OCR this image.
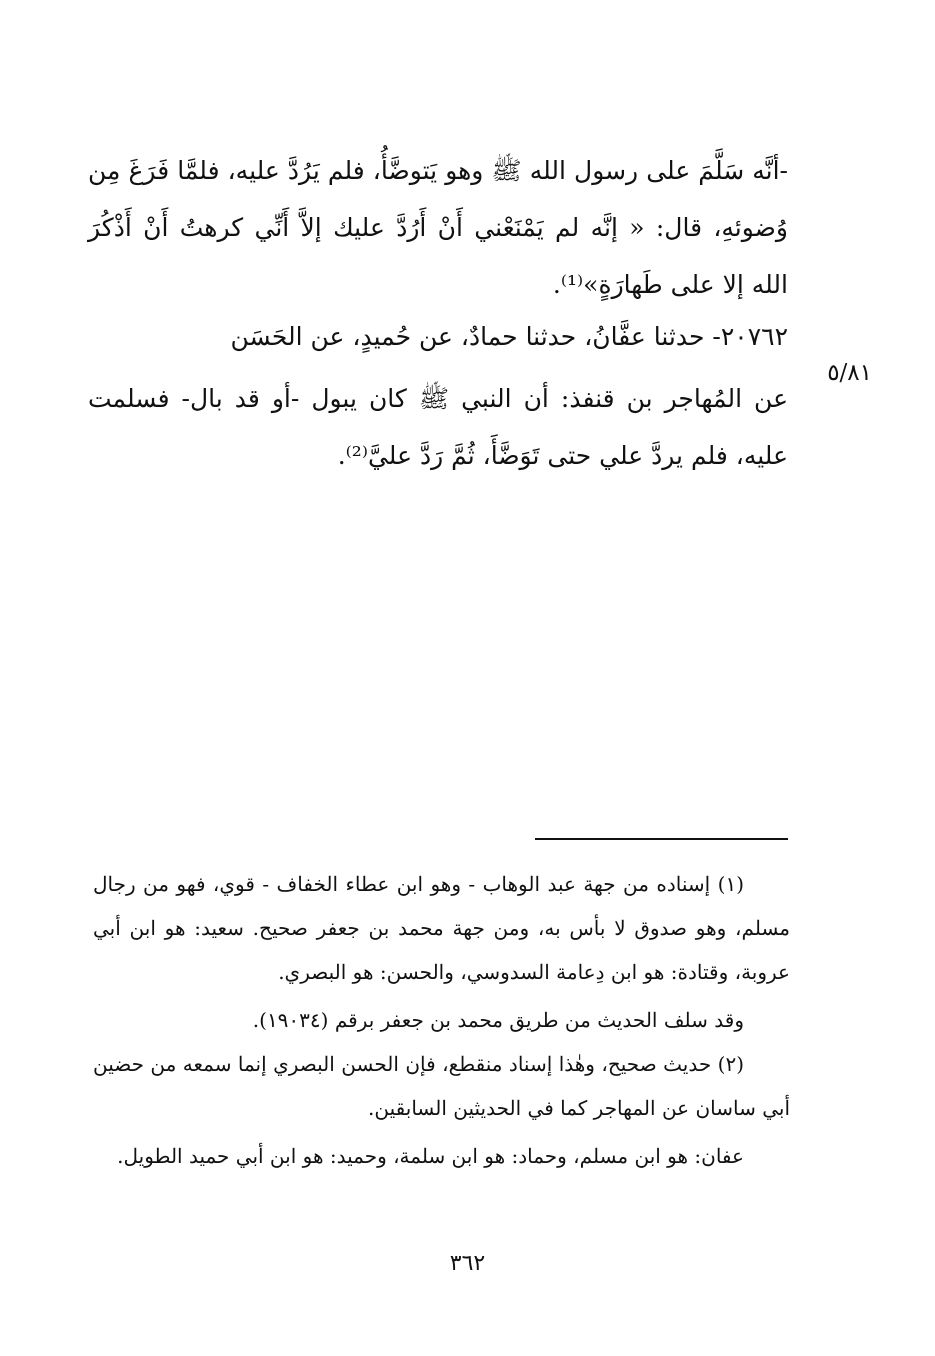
-أنَّه سَلَّمَ على رسول الله ﷺ وهو يَتوضَّأُ، فلم يَرُدَّ عليه، فلمَّا فَرَغَ مِن وُضوئهِ، قال: « إنَّه لم يَمْنَعْني أَنْ أَرُدَّ عليك إلاَّ أَنِّي كرهتُ أَنْ أَذْكُرَ الله إلا على طَهارَةٍ»⁽¹⁾.

٢٠٧٦٢- حدثنا عفَّانُ، حدثنا حمادٌ، عن حُميدٍ، عن الحَسَن

٥/٨١

عن المُهاجر بن قنفذ: أن النبي ﷺ كان يبول -أو قد بال- فسلمت عليه، فلم يردَّ علي حتى تَوَضَّأَ، ثُمَّ رَدَّ عليَّ⁽²⁾.

(١) إسناده من جهة عبد الوهاب - وهو ابن عطاء الخفاف - قوي، فهو من رجال مسلم، وهو صدوق لا بأس به، ومن جهة محمد بن جعفر صحيح. سعيد: هو ابن أبي عروبة، وقتادة: هو ابن دِعامة السدوسي، والحسن: هو البصري.

وقد سلف الحديث من طريق محمد بن جعفر برقم (١٩٠٣٤).

(٢) حديث صحيح، وهٰذا إسناد منقطع، فإن الحسن البصري إنما سمعه من حضين أبي ساسان عن المهاجر كما في الحديثين السابقين.

عفان: هو ابن مسلم، وحماد: هو ابن سلمة، وحميد: هو ابن أبي حميد الطويل.

٣٦٢
